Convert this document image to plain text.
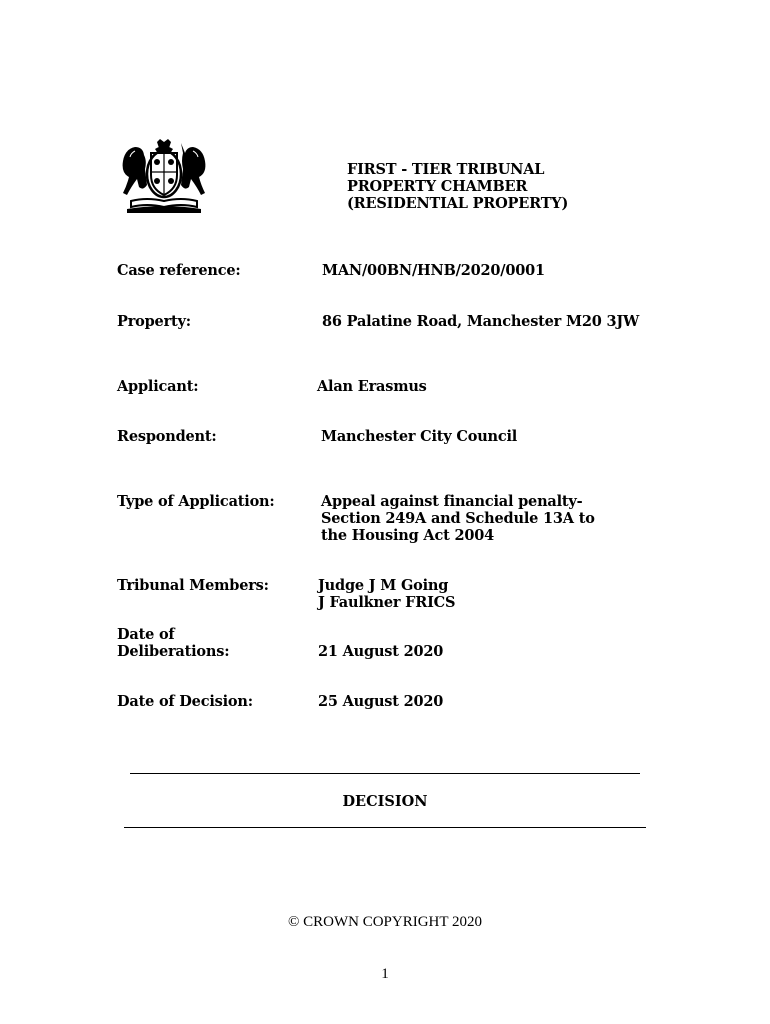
FIRST - TIER TRIBUNAL
PROPERTY CHAMBER
(RESIDENTIAL PROPERTY)
Case reference:	MAN/00BN/HNB/2020/0001
Property:	86 Palatine Road, Manchester M20 3JW
Applicant:	Alan Erasmus
Respondent:	Manchester City Council
Type of Application:	Appeal against financial penalty-
Section 249A and Schedule 13A to
the Housing Act 2004
Tribunal Members:	Judge J M Going
J Faulkner FRICS
Date of
Deliberations:	21 August 2020
Date of Decision:	25 August 2020
DECISION
© CROWN COPYRIGHT 2020
1
